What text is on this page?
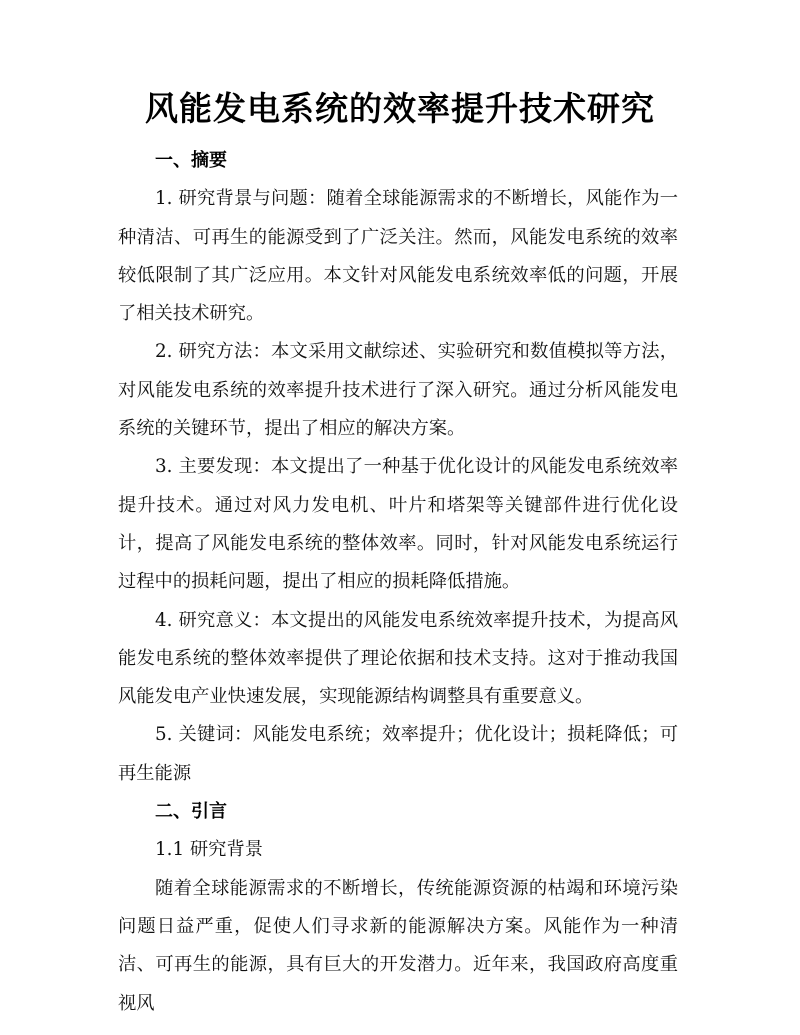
风能发电系统的效率提升技术研究

一、摘要

1. 研究背景与问题：随着全球能源需求的不断增长，风能作为一种清洁、可再生的能源受到了广泛关注。然而，风能发电系统的效率较低限制了其广泛应用。本文针对风能发电系统效率低的问题，开展了相关技术研究。

2. 研究方法：本文采用文献综述、实验研究和数值模拟等方法，对风能发电系统的效率提升技术进行了深入研究。通过分析风能发电系统的关键环节，提出了相应的解决方案。

3. 主要发现：本文提出了一种基于优化设计的风能发电系统效率提升技术。通过对风力发电机、叶片和塔架等关键部件进行优化设计，提高了风能发电系统的整体效率。同时，针对风能发电系统运行过程中的损耗问题，提出了相应的损耗降低措施。

4. 研究意义：本文提出的风能发电系统效率提升技术，为提高风能发电系统的整体效率提供了理论依据和技术支持。这对于推动我国风能发电产业快速发展，实现能源结构调整具有重要意义。

5. 关键词：风能发电系统；效率提升；优化设计；损耗降低；可再生能源

二、引言

1.1 研究背景

随着全球能源需求的不断增长，传统能源资源的枯竭和环境污染问题日益严重，促使人们寻求新的能源解决方案。风能作为一种清洁、可再生的能源，具有巨大的开发潜力。近年来，我国政府高度重视风
